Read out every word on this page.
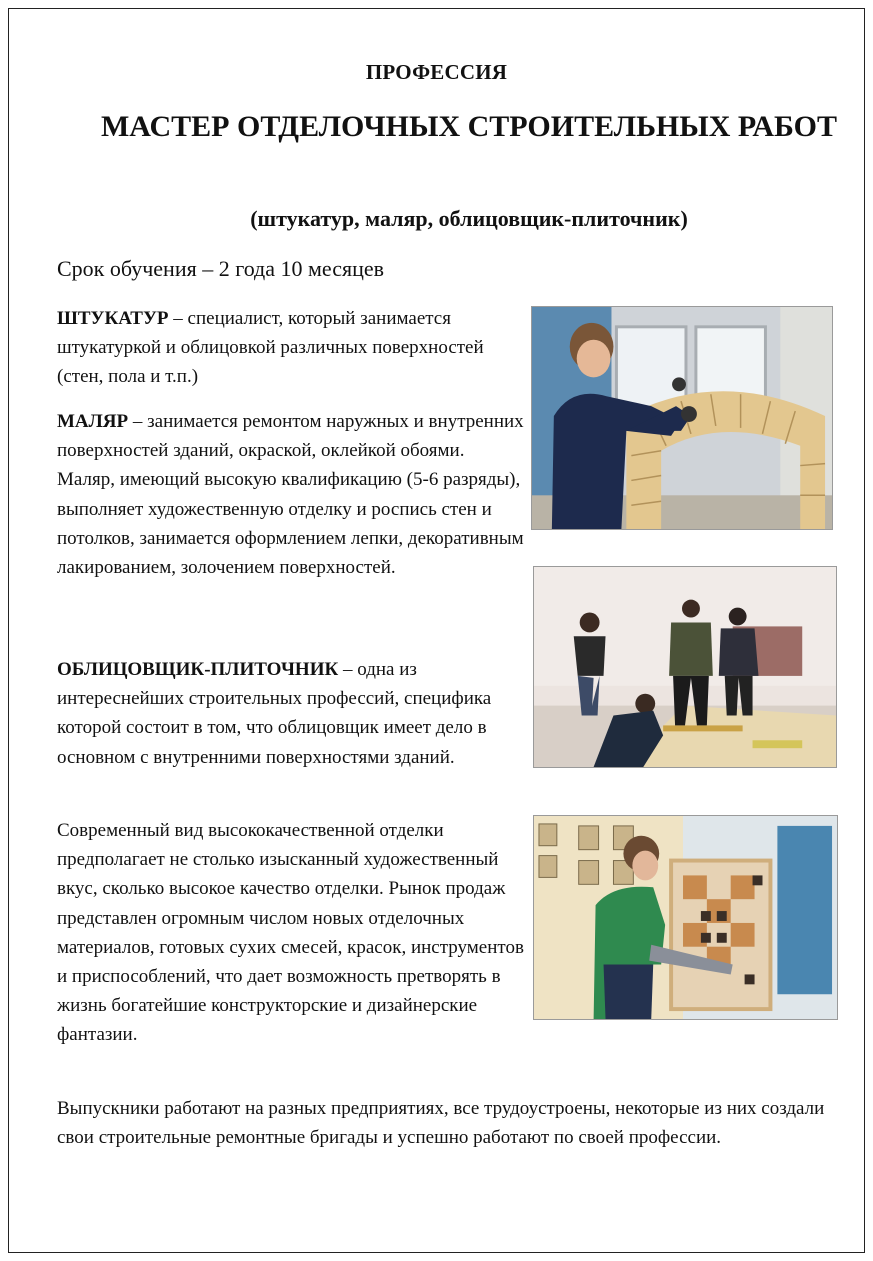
ПРОФЕССИЯ

МАСТЕР ОТДЕЛОЧНЫХ СТРОИТЕЛЬНЫХ РАБОТ

(штукатур, маляр, облицовщик-плиточник)

Срок обучения – 2 года 10 месяцев

ШТУКАТУР – специалист, который занимается штукатуркой и облицовкой различных поверхностей (стен, пола и т.п.)

МАЛЯР – занимается ремонтом наружных и внутренних поверхностей зданий, окраской, оклейкой обоями. Маляр, имеющий высокую квалификацию (5-6 разряды), выполняет художественную отделку и роспись стен и потолков, занимается оформлением лепки, декоративным лакированием, золочением поверхностей.

ОБЛИЦОВЩИК-ПЛИТОЧНИК – одна из интереснейших строительных профессий, специфика которой состоит в том, что облицовщик имеет дело в основном с внутренними поверхностями зданий.

Современный вид высококачественной отделки предполагает не столько изысканный художественный вкус, сколько высокое качество отделки. Рынок продаж представлен огромным числом новых отделочных материалов, готовых сухих смесей, красок, инструментов и приспособлений, что дает возможность претворять в жизнь богатейшие конструкторские и дизайнерские фантазии.

Выпускники работают на разных предприятиях, все трудоустроены, некоторые из них создали свои строительные ремонтные бригады и успешно работают по своей профессии.
